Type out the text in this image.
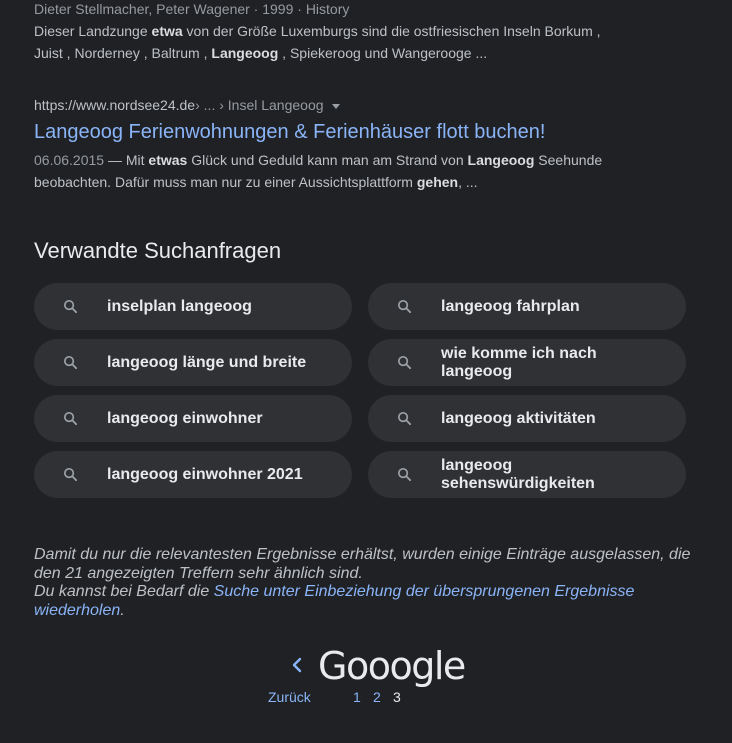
Dieter Stellmacher, Peter Wagener · 1999 · History
Dieser Landzunge etwa von der Größe Luxemburgs sind die ostfriesischen Inseln Borkum ,
Juist , Norderney , Baltrum , Langeoog , Spiekeroog und Wangerooge ...
https://www.nordsee24.de › ... › Insel Langeoog
Langeoog Ferienwohnungen & Ferienhäuser flott buchen!
06.06.2015 — Mit etwas Glück und Geduld kann man am Strand von Langeoog Seehunde
beobachten. Dafür muss man nur zu einer Aussichtsplattform gehen, ...
Verwandte Suchanfragen
inselplan langeoog	langeoog fahrplan
langeoog länge und breite
wie komme ich nach langeoog
langeoog einwohner	langeoog aktivitäten
langeoog einwohner 2021
langeoog sehenswürdigkeiten
Damit du nur die relevantesten Ergebnisse erhältst, wurden einige Einträge ausgelassen, die den 21 angezeigten Treffern sehr ähnlich sind.
Du kannst bei Bedarf die Suche unter Einbeziehung der übersprungenen Ergebnisse wiederholen.
Gooogle
Zurück	1 2 3
